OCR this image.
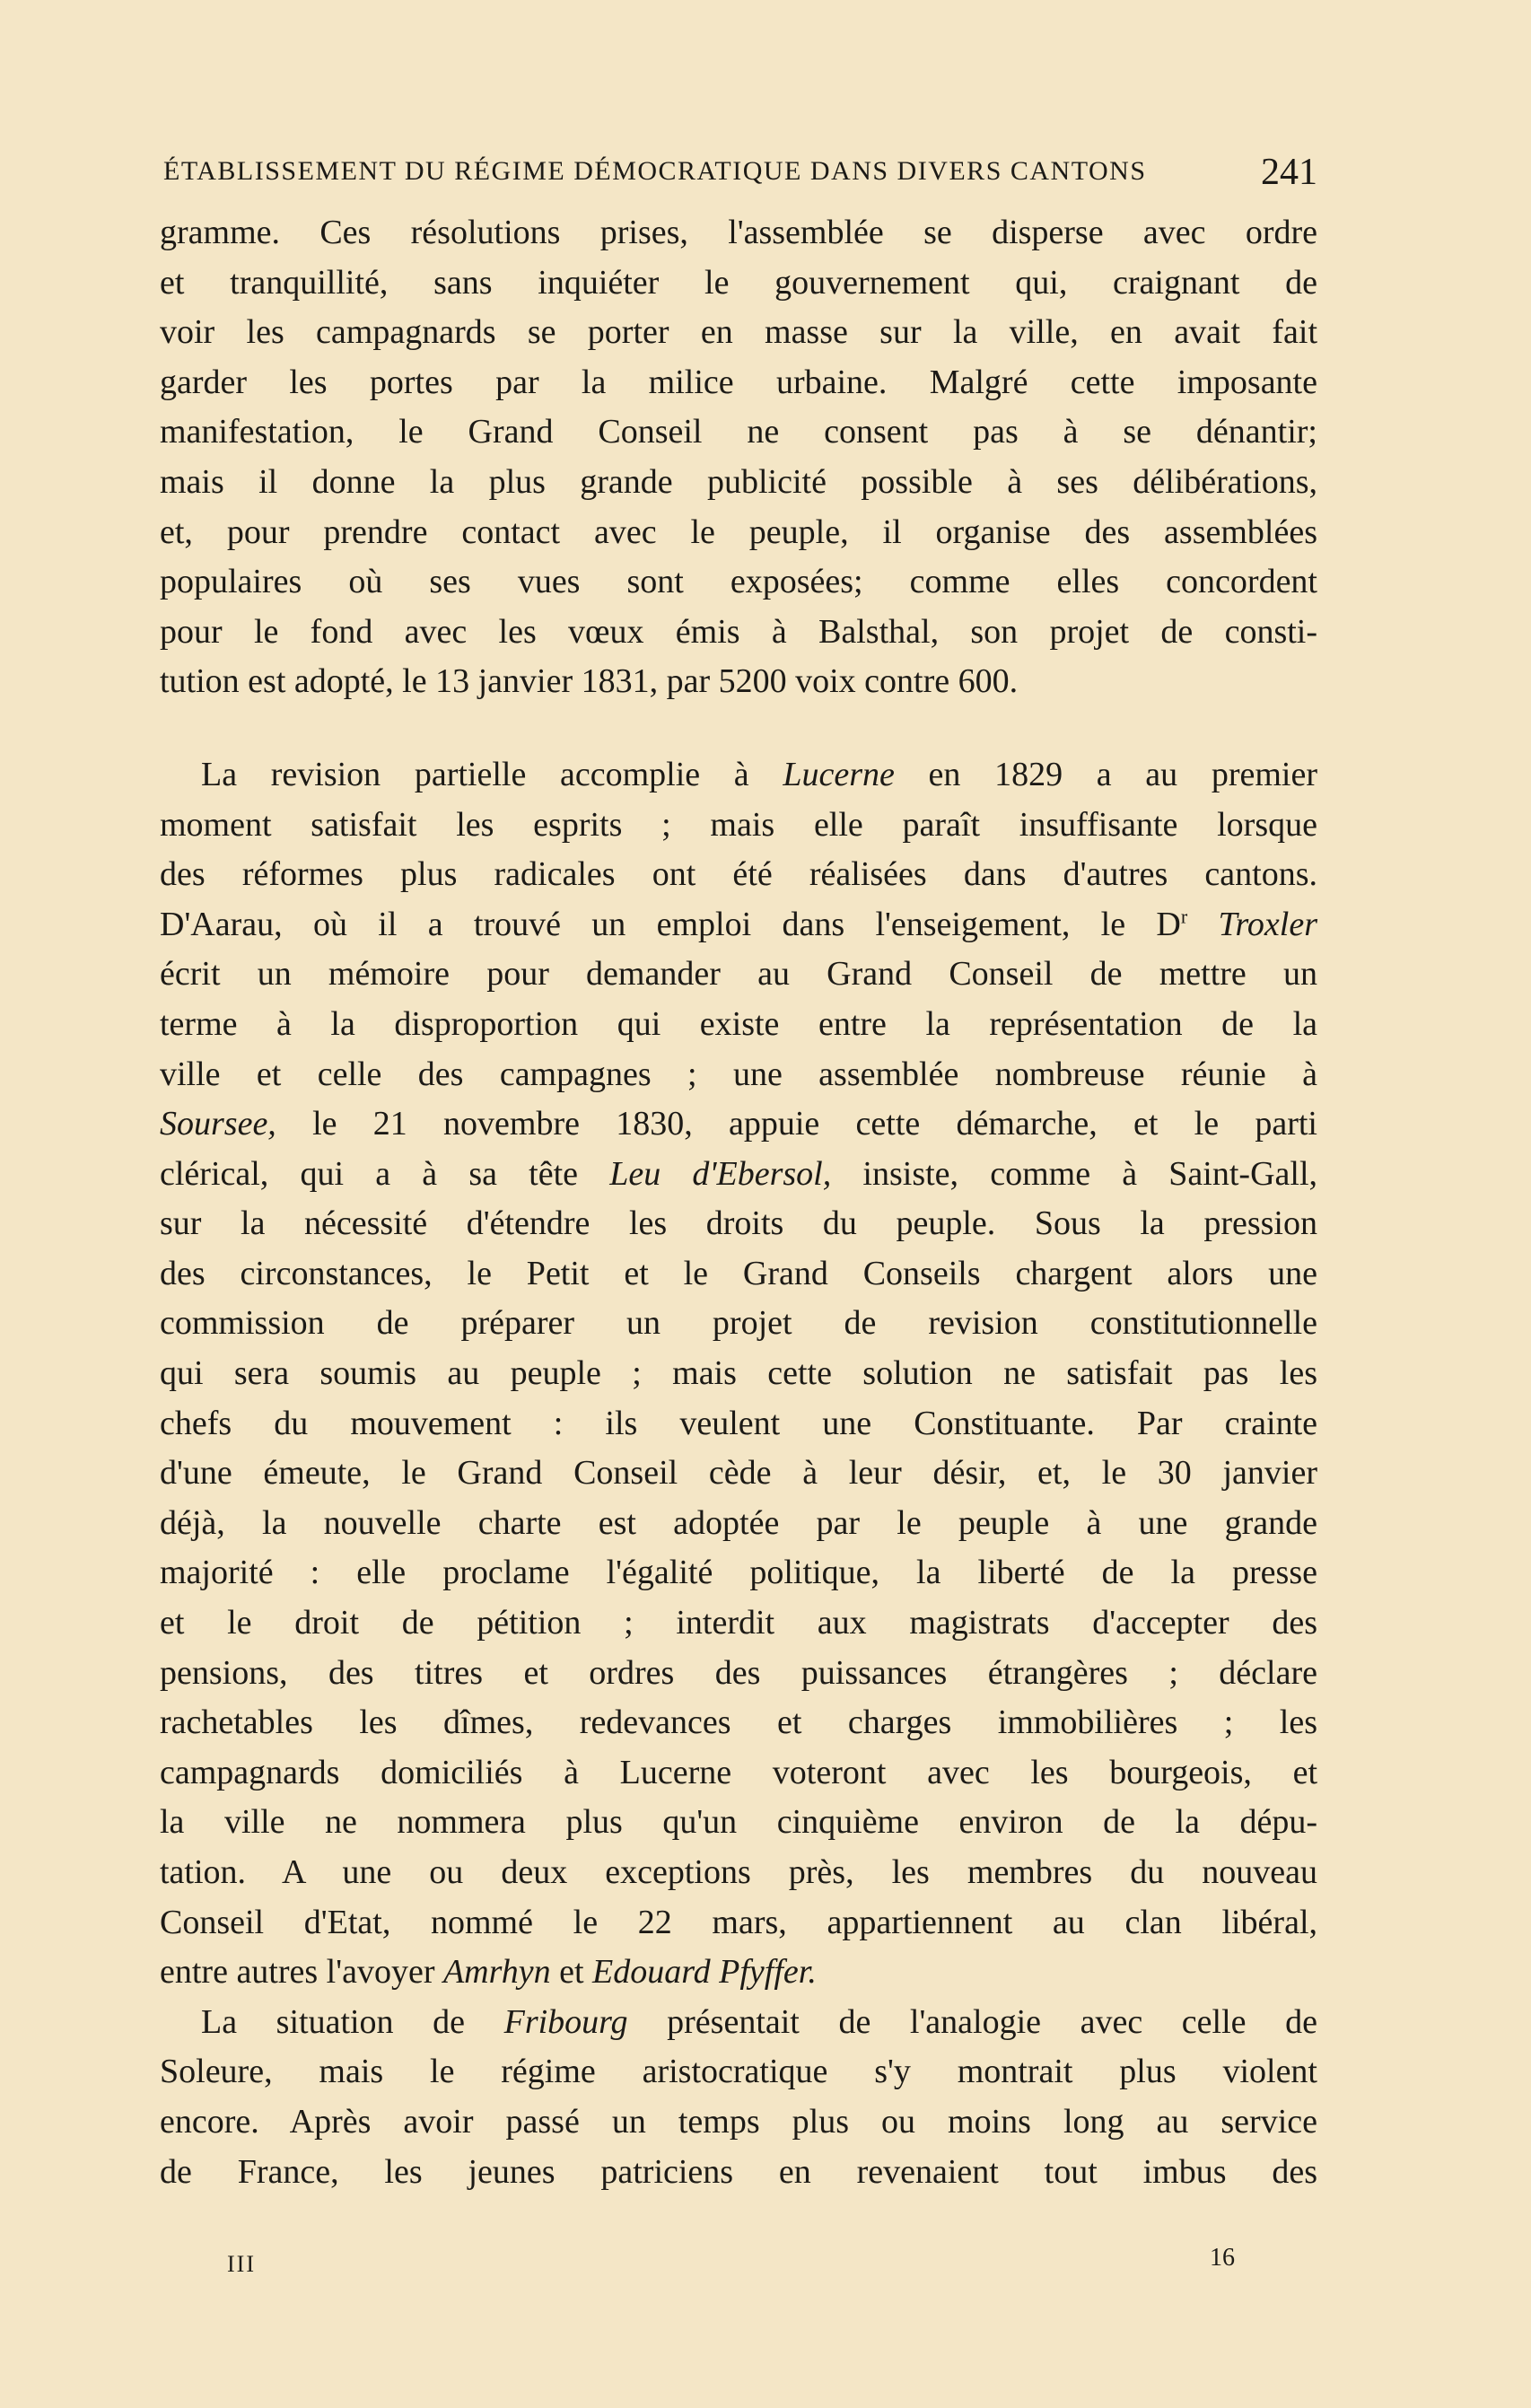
ÉTABLISSEMENT DU RÉGIME DÉMOCRATIQUE DANS DIVERS CANTONS	241
gramme. Ces résolutions prises, l'assemblée se disperse avec ordre
et tranquillité, sans inquiéter le gouvernement qui, craignant de
voir les campagnards se porter en masse sur la ville, en avait fait
garder les portes par la milice urbaine. Malgré cette imposante
manifestation, le Grand Conseil ne consent pas à se dénantir;
mais il donne la plus grande publicité possible à ses délibérations,
et, pour prendre contact avec le peuple, il organise des assemblées
populaires où ses vues sont exposées; comme elles concordent
pour le fond avec les vœux émis à Balsthal, son projet de consti-
tution est adopté, le 13 janvier 1831, par 5200 voix contre 600.
La revision partielle accomplie à Lucerne en 1829 a au premier
moment satisfait les esprits ; mais elle paraît insuffisante lorsque
des réformes plus radicales ont été réalisées dans d'autres cantons.
D'Aarau, où il a trouvé un emploi dans l'enseigement, le $D^r$ Troxler
écrit un mémoire pour demander au Grand Conseil de mettre un
terme à la disproportion qui existe entre la représentation de la
ville et celle des campagnes ; une assemblée nombreuse réunie à
Soursee, le 21 novembre 1830, appuie cette démarche, et le parti
clérical, qui a à sa tête Leu d'Ebersol, insiste, comme à Saint-Gall,
sur la nécessité d'étendre les droits du peuple. Sous la pression
des circonstances, le Petit et le Grand Conseils chargent alors une
commission de préparer un projet de revision constitutionnelle
qui sera soumis au peuple ; mais cette solution ne satisfait pas les
chefs du mouvement : ils veulent une Constituante. Par crainte
d'une émeute, le Grand Conseil cède à leur désir, et, le 30 janvier
déjà, la nouvelle charte est adoptée par le peuple à une grande
majorité : elle proclame l'égalité politique, la liberté de la presse
et le droit de pétition ; interdit aux magistrats d'accepter des
pensions, des titres et ordres des puissances étrangères ; déclare
rachetables les dîmes, redevances et charges immobilières ; les
campagnards domiciliés à Lucerne voteront avec les bourgeois, et
la ville ne nommera plus qu'un cinquième environ de la dépu-
tation. A une ou deux exceptions près, les membres du nouveau
Conseil d'Etat, nommé le 22 mars, appartiennent au clan libéral,
entre autres l'avoyer Amrhyn et Edouard Pfyffer.
La situation de Fribourg présentait de l'analogie avec celle de
Soleure, mais le régime aristocratique s'y montrait plus violent
encore. Après avoir passé un temps plus ou moins long au service
de France, les jeunes patriciens en revenaient tout imbus des
III	16
